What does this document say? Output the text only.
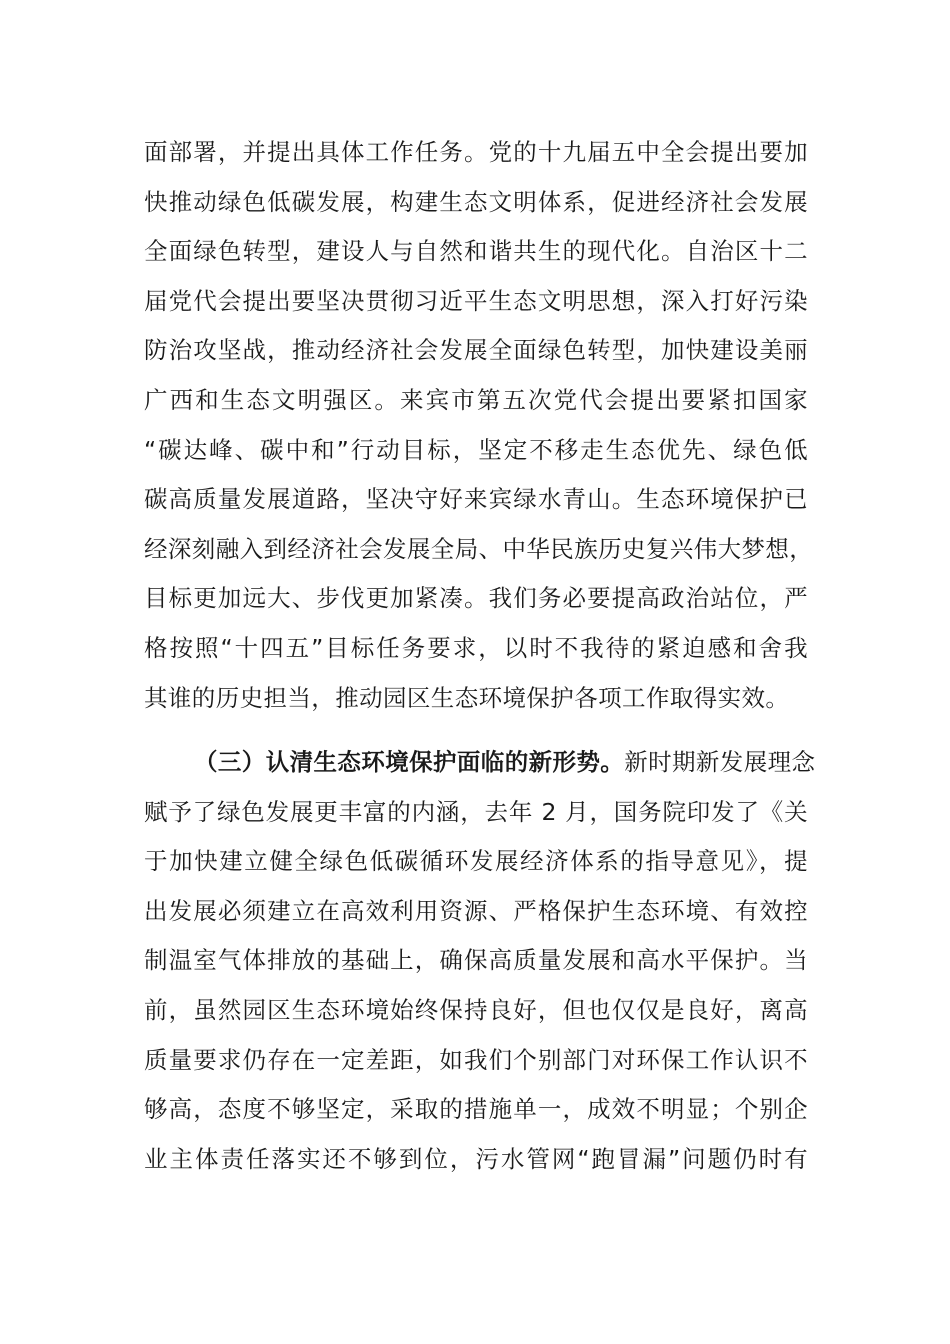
面部署，并提出具体工作任务。党的十九届五中全会提出要加
快推动绿色低碳发展，构建生态文明体系，促进经济社会发展
全面绿色转型，建设人与自然和谐共生的现代化。自治区十二
届党代会提出要坚决贯彻习近平生态文明思想，深入打好污染
防治攻坚战，推动经济社会发展全面绿色转型，加快建设美丽
广西和生态文明强区。来宾市第五次党代会提出要紧扣国家
“碳达峰、碳中和”行动目标，坚定不移走生态优先、绿色低
碳高质量发展道路，坚决守好来宾绿水青山。生态环境保护已
经深刻融入到经济社会发展全局、中华民族历史复兴伟大梦想，
目标更加远大、步伐更加紧凑。我们务必要提高政治站位，严
格按照“十四五”目标任务要求，以时不我待的紧迫感和舍我
其谁的历史担当，推动园区生态环境保护各项工作取得实效。
（三）认清生态环境保护面临的新形势。新时期新发展理念
赋予了绿色发展更丰富的内涵，去年 2 月，国务院印发了《关
于加快建立健全绿色低碳循环发展经济体系的指导意见》，提
出发展必须建立在高效利用资源、严格保护生态环境、有效控
制温室气体排放的基础上，确保高质量发展和高水平保护。当
前，虽然园区生态环境始终保持良好，但也仅仅是良好，离高
质量要求仍存在一定差距，如我们个别部门对环保工作认识不
够高，态度不够坚定，采取的措施单一，成效不明显；个别企
业主体责任落实还不够到位，污水管网“跑冒漏”问题仍时有
